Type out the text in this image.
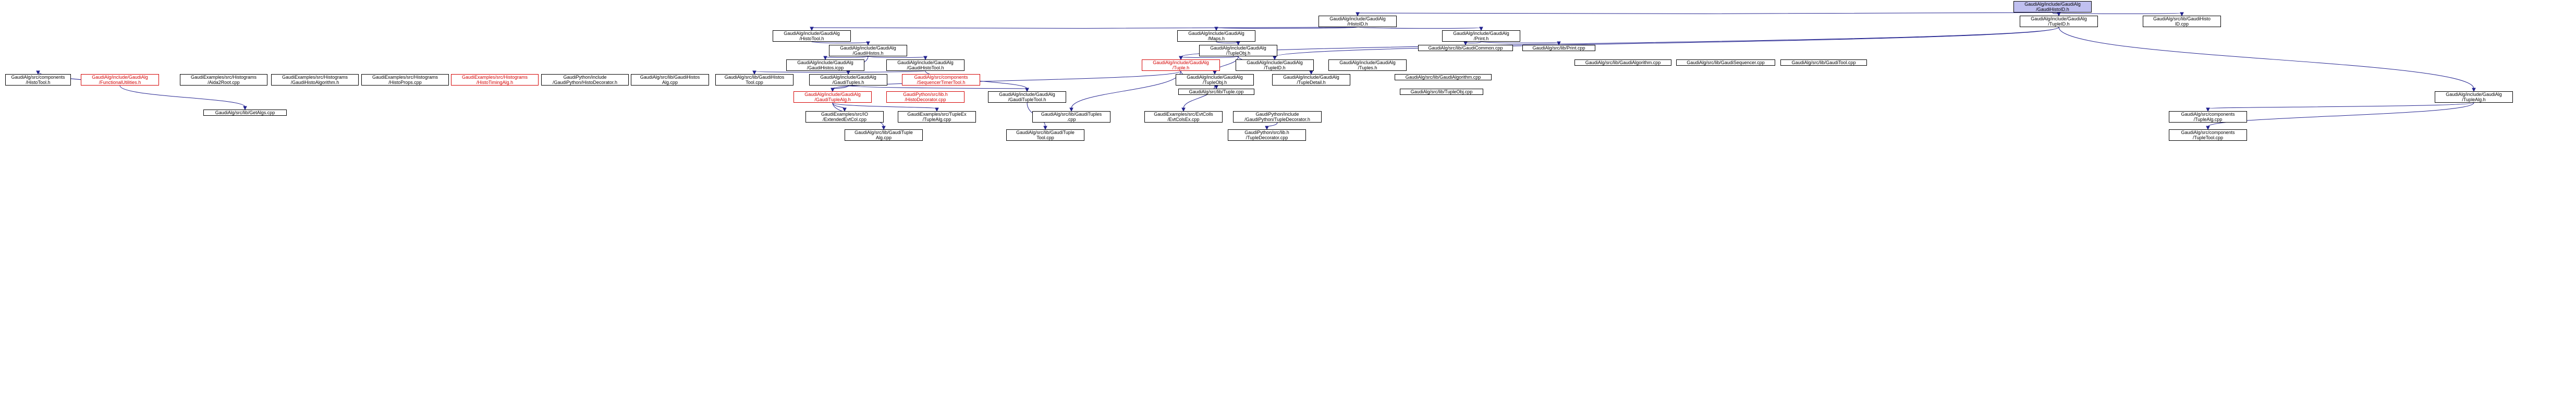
GaudiAlg/include/GaudiAlg
/GaudiHistoID.h
GaudiAlg/include/GaudiAlg
/HistoID.h
GaudiAlg/include/GaudiAlg
/TupleID.h
GaudiAlg/src/lib/GaudiHisto
ID.cpp
GaudiAlg/include/GaudiAlg
/HistoTool.h
GaudiAlg/include/GaudiAlg
/Maps.h
GaudiAlg/include/GaudiAlg
/Print.h
GaudiAlg/include/GaudiAlg
/GaudiHistos.h
GaudiAlg/include/GaudiAlg
/TupleObj.h
GaudiAlg/src/lib/GaudiCommon.cpp	GaudiAlg/src/lib/Print.cpp
GaudiAlg/include/GaudiAlg
/GaudiHistos.icpp
GaudiAlg/include/GaudiAlg
/GaudiHistoTool.h
GaudiAlg/include/GaudiAlg
/Tuple.h
GaudiAlg/include/GaudiAlg
/TupleID.h
GaudiAlg/include/GaudiAlg
/Tuples.h
GaudiAlg/src/lib/GaudiAlgorithm.cpp	GaudiAlg/src/lib/GaudiSequencer.cpp	GaudiAlg/src/lib/GaudiTool.cpp
GaudiAlg/src/components
/HistoTool.h
GaudiAlg/include/GaudiAlg
/FunctionalUtilities.h
GaudiExamples/src/Histograms
/Aida2Root.cpp
GaudiExamples/src/Histograms
/GaudiHistoAlgorithm.h
GaudiExamples/src/Histograms
/HistoProps.cpp
GaudiExamples/src/Histograms
/HistoTimingAlg.h
GaudiPython/include
/GaudiPython/HistoDecorator.h
GaudiAlg/src/lib/GaudiHistos
Alg.cpp
GaudiAlg/src/lib/GaudiHistos
Tool.cpp
GaudiAlg/include/GaudiAlg
/GaudiTuples.h
GaudiAlg/src/components
/SequencerTimerTool.h
GaudiAlg/include/GaudiAlg
/TupleObj.h
GaudiAlg/include/GaudiAlg
/TupleDetail.h
GaudiAlg/src/lib/GaudiAlgorithm.cpp
GaudiAlg/src/lib/Tuple.cpp	GaudiAlg/src/lib/TupleObj.cpp
GaudiAlg/include/GaudiAlg
/GaudiTupleAlg.h
GaudiPython/src/lib.h
/HistoDecorator.cpp
GaudiAlg/include/GaudiAlg
/GaudiTupleTool.h
GaudiAlg/include/GaudiAlg
/TupleAlg.h
GaudiAlg/src/lib/GetAlgs.cpp	GaudiExamples/src/IO
/ExtendedEvtCol.cpp
GaudiExamples/src/TupleEx
/TupleAlg.cpp
GaudiAlg/src/lib/GaudiTuples
.cpp
GaudiExamples/src/EvtColls
/EvtColsEx.cpp
GaudiPython/include
/GaudiPython/TupleDecorator.h
GaudiAlg/src/components
/TupleAlg.cpp
GaudiAlg/src/lib/GaudiTuple
Alg.cpp
GaudiAlg/src/lib/GaudiTuple
Tool.cpp
GaudiPython/src/lib.h
/TupleDecorator.cpp
GaudiAlg/src/components
/TupleTool.cpp
